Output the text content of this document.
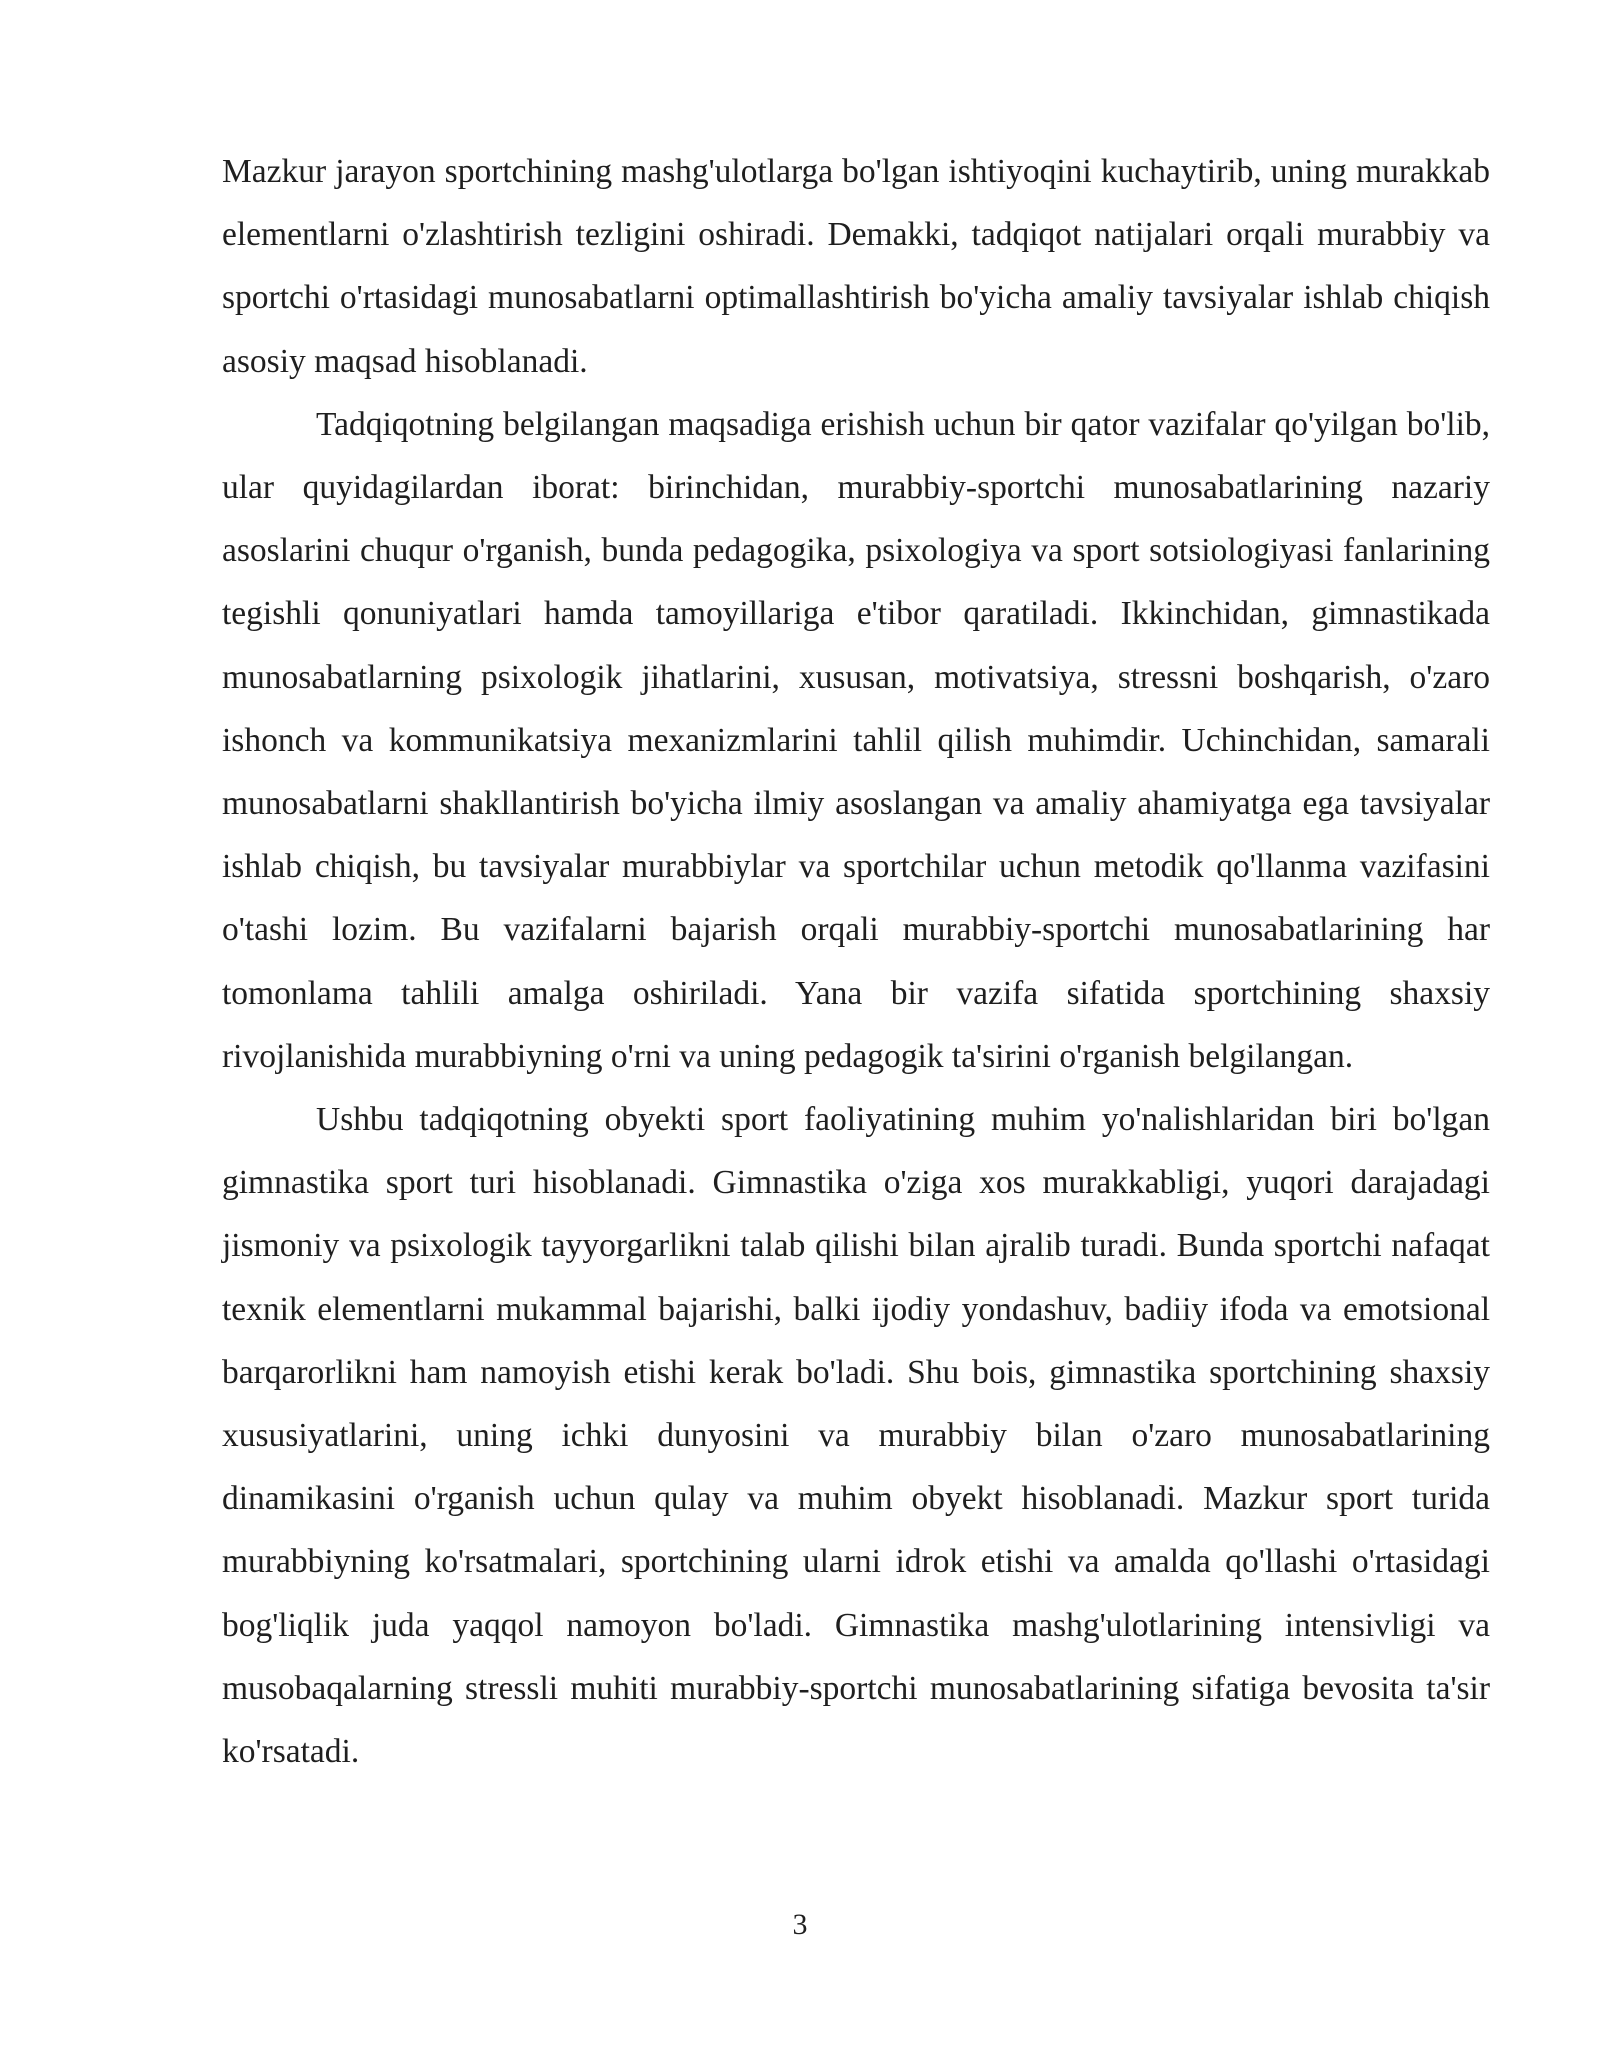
Mazkur jarayon sportchining mashg'ulotlarga bo'lgan ishtiyoqini kuchaytirib, uning murakkab elementlarni o'zlashtirish tezligini oshiradi. Demakki, tadqiqot natijalari orqali murabbiy va sportchi o'rtasidagi munosabatlarni optimallashtirish bo'yicha amaliy tavsiyalar ishlab chiqish asosiy maqsad hisoblanadi.

Tadqiqotning belgilangan maqsadiga erishish uchun bir qator vazifalar qo'yilgan bo'lib, ular quyidagilardan iborat: birinchidan, murabbiy-sportchi munosabatlarining nazariy asoslarini chuqur o'rganish, bunda pedagogika, psixologiya va sport sotsiologiyasi fanlarining tegishli qonuniyatlari hamda tamoyillariga e'tibor qaratiladi. Ikkinchidan, gimnastikada munosabatlarning psixologik jihatlarini, xususan, motivatsiya, stressni boshqarish, o'zaro ishonch va kommunikatsiya mexanizmlarini tahlil qilish muhimdir. Uchinchidan, samarali munosabatlarni shakllantirish bo'yicha ilmiy asoslangan va amaliy ahamiyatga ega tavsiyalar ishlab chiqish, bu tavsiyalar murabbiylar va sportchilar uchun metodik qo'llanma vazifasini o'tashi lozim. Bu vazifalarni bajarish orqali murabbiy-sportchi munosabatlarining har tomonlama tahlili amalga oshiriladi. Yana bir vazifa sifatida sportchining shaxsiy rivojlanishida murabbiyning o'rni va uning pedagogik ta'sirini o'rganish belgilangan.

Ushbu tadqiqotning obyekti sport faoliyatining muhim yo'nalishlaridan biri bo'lgan gimnastika sport turi hisoblanadi. Gimnastika o'ziga xos murakkabligi, yuqori darajadagi jismoniy va psixologik tayyorgarlikni talab qilishi bilan ajralib turadi. Bunda sportchi nafaqat texnik elementlarni mukammal bajarishi, balki ijodiy yondashuv, badiiy ifoda va emotsional barqarorlikni ham namoyish etishi kerak bo'ladi. Shu bois, gimnastika sportchining shaxsiy xususiyatlarini, uning ichki dunyosini va murabbiy bilan o'zaro munosabatlarining dinamikasini o'rganish uchun qulay va muhim obyekt hisoblanadi. Mazkur sport turida murabbiyning ko'rsatmalari, sportchining ularni idrok etishi va amalda qo'llashi o'rtasidagi bog'liqlik juda yaqqol namoyon bo'ladi. Gimnastika mashg'ulotlarining intensivligi va musobaqalarning stressli muhiti murabbiy-sportchi munosabatlarining sifatiga bevosita ta'sir ko'rsatadi.

3
